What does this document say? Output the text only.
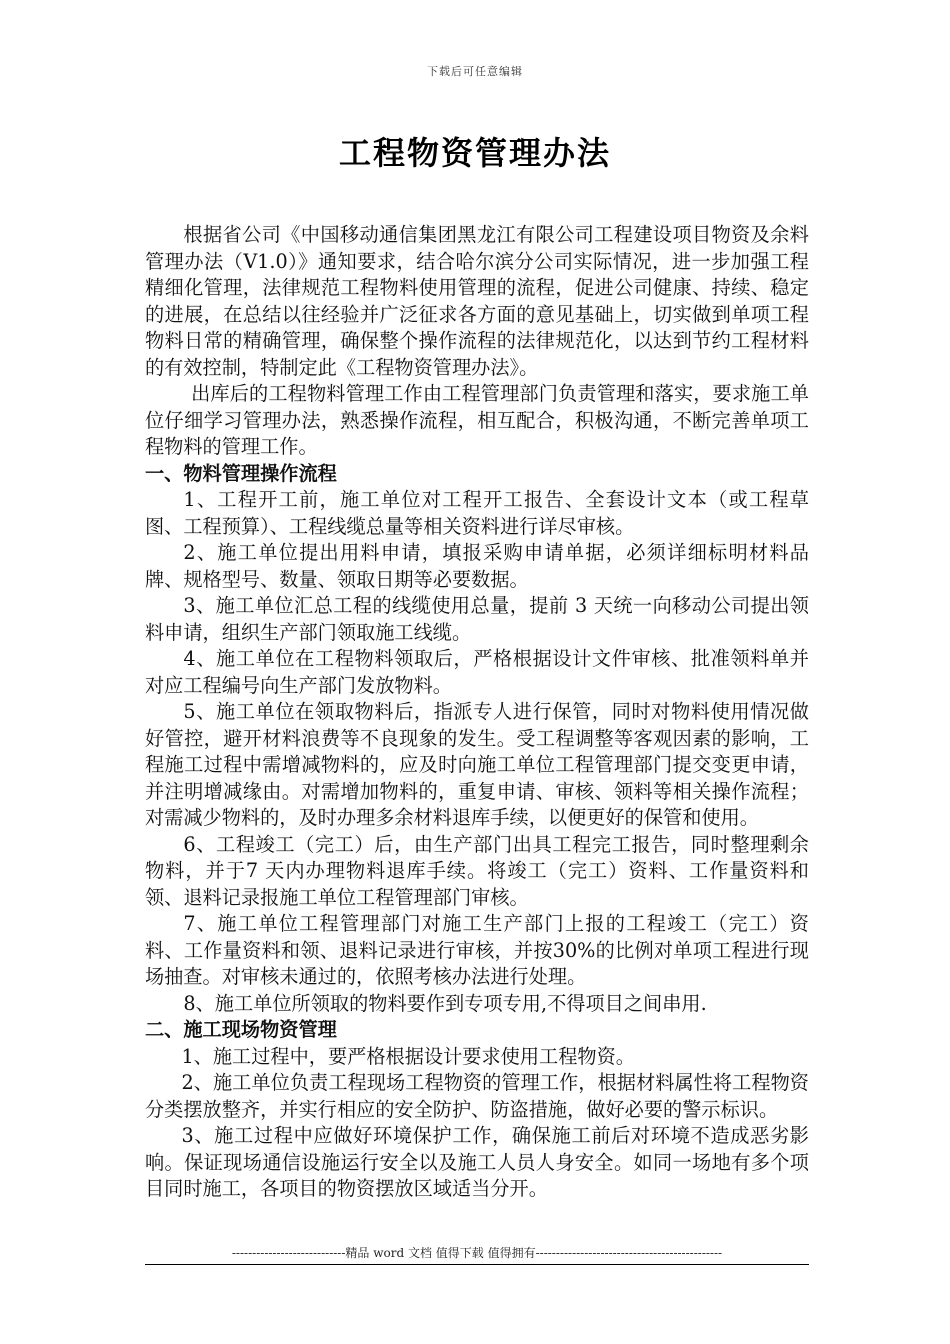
下载后可任意编辑
工程物资管理办法

根据省公司《中国移动通信集团黑龙江有限公司工程建设项目物资及余料管理办法（V1.0）》通知要求，结合哈尔滨分公司实际情况，进一步加强工程精细化管理，法律规范工程物料使用管理的流程，促进公司健康、持续、稳定的进展，在总结以往经验并广泛征求各方面的意见基础上，切实做到单项工程物料日常的精确管理，确保整个操作流程的法律规范化，以达到节约工程材料的有效控制，特制定此《工程物资管理办法》。

出库后的工程物料管理工作由工程管理部门负责管理和落实，要求施工单位仔细学习管理办法，熟悉操作流程，相互配合，积极沟通，不断完善单项工程物料的管理工作。

一、物料管理操作流程

1、工程开工前，施工单位对工程开工报告、全套设计文本（或工程草图、工程预算）、工程线缆总量等相关资料进行详尽审核。

2、施工单位提出用料申请，填报采购申请单据，必须详细标明材料品牌、规格型号、数量、领取日期等必要数据。

3、施工单位汇总工程的线缆使用总量，提前 3 天统一向移动公司提出领料申请，组织生产部门领取施工线缆。

4、施工单位在工程物料领取后，严格根据设计文件审核、批准领料单并对应工程编号向生产部门发放物料。

5、施工单位在领取物料后，指派专人进行保管，同时对物料使用情况做好管控，避开材料浪费等不良现象的发生。受工程调整等客观因素的影响，工程施工过程中需增减物料的，应及时向施工单位工程管理部门提交变更申请，并注明增减缘由。对需增加物料的，重复申请、审核、领料等相关操作流程；对需减少物料的，及时办理多余材料退库手续，以便更好的保管和使用。

6、工程竣工（完工）后，由生产部门出具工程完工报告，同时整理剩余物料，并于7 天内办理物料退库手续。将竣工（完工）资料、工作量资料和领、退料记录报施工单位工程管理部门审核。

7、施工单位工程管理部门对施工生产部门上报的工程竣工（完工）资料、工作量资料和领、退料记录进行审核，并按30%的比例对单项工程进行现场抽查。对审核未通过的，依照考核办法进行处理。

8、施工单位所领取的物料要作到专项专用,不得项目之间串用.

二、施工现场物资管理

1、施工过程中，要严格根据设计要求使用工程物资。

2、施工单位负责工程现场工程物资的管理工作，根据材料属性将工程物资分类摆放整齐，并实行相应的安全防护、防盗措施，做好必要的警示标识。

3、施工过程中应做好环境保护工作，确保施工前后对环境不造成恶劣影响。保证现场通信设施运行安全以及施工人员人身安全。如同一场地有多个项目同时施工，各项目的物资摆放区域适当分开。

----------------------------精品 word 文档 值得下载 值得拥有----------------------------------------------
